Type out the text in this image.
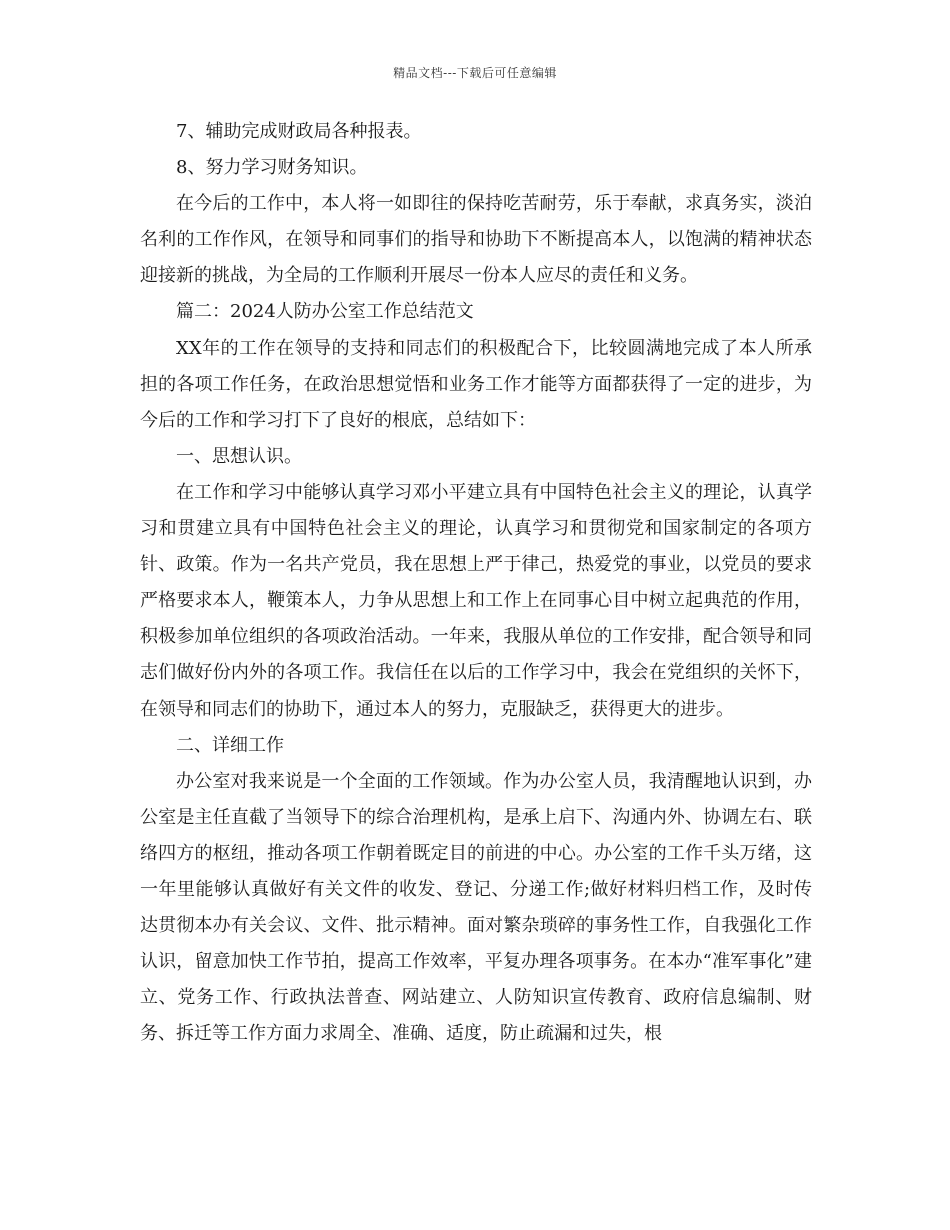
精品文档---下载后可任意编辑

7、辅助完成财政局各种报表。

8、努力学习财务知识。

在今后的工作中，本人将一如即往的保持吃苦耐劳，乐于奉献，求真务实，淡泊名利的工作作风，在领导和同事们的指导和协助下不断提高本人，以饱满的精神状态迎接新的挑战，为全局的工作顺利开展尽一份本人应尽的责任和义务。

篇二：2024人防办公室工作总结范文

XX年的工作在领导的支持和同志们的积极配合下，比较圆满地完成了本人所承担的各项工作任务，在政治思想觉悟和业务工作才能等方面都获得了一定的进步，为今后的工作和学习打下了良好的根底，总结如下：

一、思想认识。

在工作和学习中能够认真学习邓小平建立具有中国特色社会主义的理论，认真学习和贯建立具有中国特色社会主义的理论，认真学习和贯彻党和国家制定的各项方针、政策。作为一名共产党员，我在思想上严于律己，热爱党的事业，以党员的要求严格要求本人，鞭策本人，力争从思想上和工作上在同事心目中树立起典范的作用，积极参加单位组织的各项政治活动。一年来，我服从单位的工作安排，配合领导和同志们做好份内外的各项工作。我信任在以后的工作学习中，我会在党组织的关怀下，在领导和同志们的协助下，通过本人的努力，克服缺乏，获得更大的进步。

二、详细工作

办公室对我来说是一个全面的工作领域。作为办公室人员，我清醒地认识到，办公室是主任直截了当领导下的综合治理机构，是承上启下、沟通内外、协调左右、联络四方的枢纽，推动各项工作朝着既定目的前进的中心。办公室的工作千头万绪，这一年里能够认真做好有关文件的收发、登记、分递工作;做好材料归档工作，及时传达贯彻本办有关会议、文件、批示精神。面对繁杂琐碎的事务性工作，自我强化工作认识，留意加快工作节拍，提高工作效率，平复办理各项事务。在本办“准军事化”建立、党务工作、行政执法普查、网站建立、人防知识宣传教育、政府信息编制、财务、拆迁等工作方面力求周全、准确、适度，防止疏漏和过失，根
